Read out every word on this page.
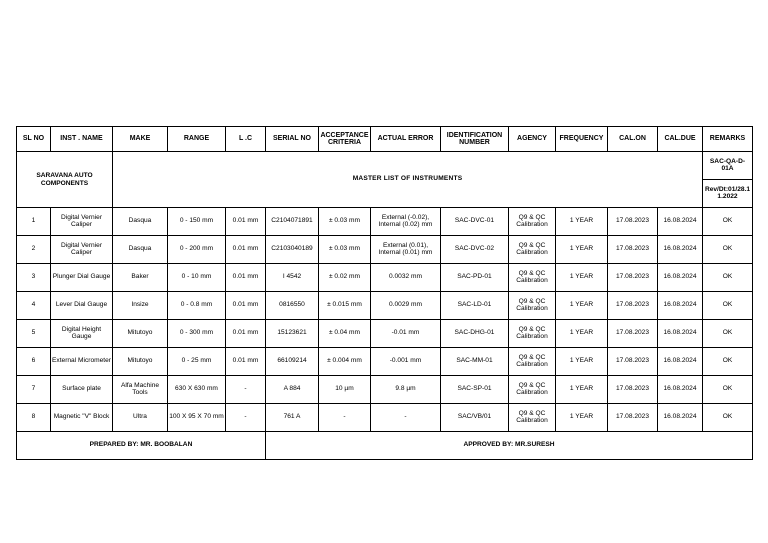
SARAVANA AUTO COMPONENTS		MASTER LIST OF INSTRUMENTS											SAC-QA-D-01A
													Rev/Dt:01/28.11.2022
SL NO	INST . NAME	MAKE	RANGE	L .C	SERIAL NO	ACCEPTANCE CRITERIA	ACTUAL ERROR	IDENTIFICATION NUMBER	AGENCY	FREQUENCY	CAL.ON	CAL.DUE	REMARKS
1	Digital Vernier Caliper	Dasqua	0 - 150 mm	0.01 mm	C2104071891	± 0.03 mm	External (-0.02), Internal (0.02) mm	SAC-DVC-01	Q9 & QC Calibration	1 YEAR	17.08.2023	16.08.2024	OK
2	Digital Vernier Caliper	Dasqua	0 - 200 mm	0.01 mm	C2103040189	± 0.03 mm	External (0.01), Internal (0.01) mm	SAC-DVC-02	Q9 & QC Calibration	1 YEAR	17.08.2023	16.08.2024	OK
3	Plunger Dial Gauge	Baker	0 - 10 mm	0.01 mm	I 4542	± 0.02 mm	0.0032 mm	SAC-PD-01	Q9 & QC Calibration	1 YEAR	17.08.2023	16.08.2024	OK
4	Lever Dial Gauge	Insize	0 - 0.8 mm	0.01 mm	0816550	± 0.015 mm	0.0029 mm	SAC-LD-01	Q9 & QC Calibration	1 YEAR	17.08.2023	16.08.2024	OK
5	Digital Height Gauge	Mitutoyo	0 - 300 mm	0.01 mm	15123621	± 0.04 mm	-0.01 mm	SAC-DHG-01	Q9 & QC Calibration	1 YEAR	17.08.2023	16.08.2024	OK
6	External Micrometer	Mitutoyo	0 - 25 mm	0.01 mm	66109214	± 0.004 mm	-0.001 mm	SAC-MM-01	Q9 & QC Calibration	1 YEAR	17.08.2023	16.08.2024	OK
7	Surface plate	Alfa Machine Tools	630 X 630 mm	-	A 884	10 µm	9.8 µm	SAC-SP-01	Q9 & QC Calibration	1 YEAR	17.08.2023	16.08.2024	OK
8	Magnetic "V" Block	Ultra	100 X 95 X 70 mm	-	761 A	-	-	SAC/VB/01	Q9 & QC Calibration	1 YEAR	17.08.2023	16.08.2024	OK
PREPARED BY: MR. BOOBALAN					APPROVED BY: MR.SURESH								
